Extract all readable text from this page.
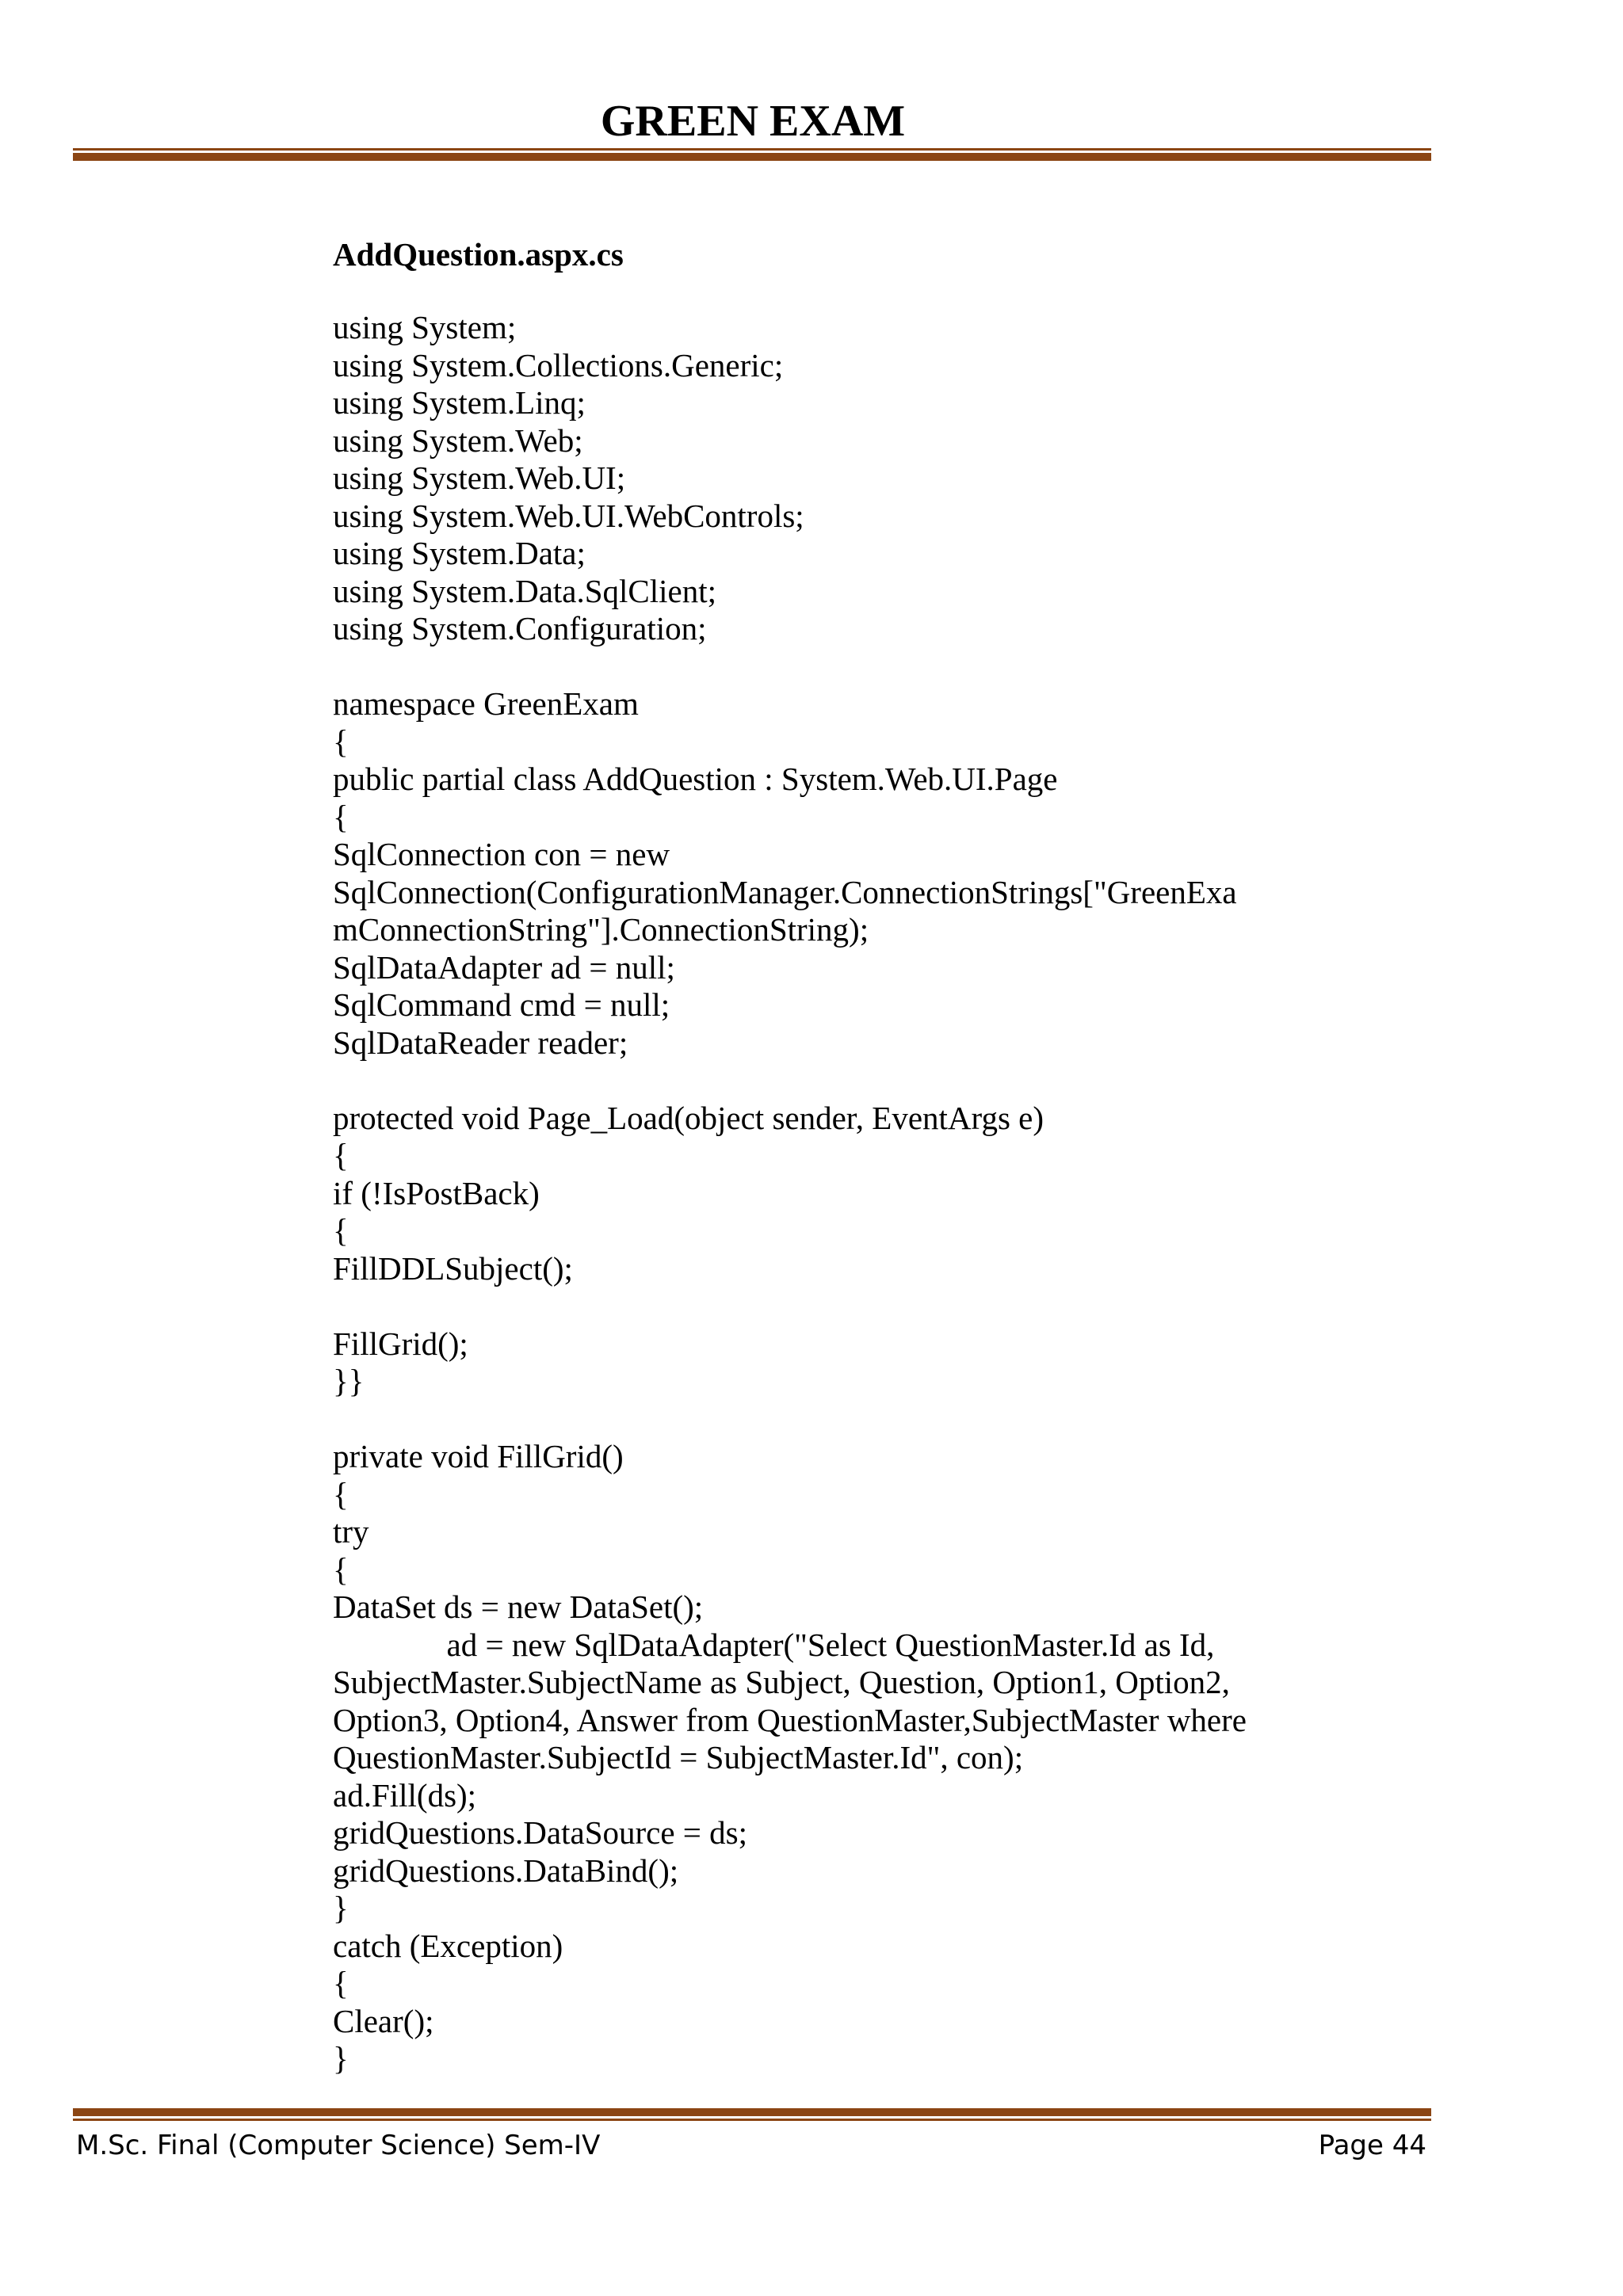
GREEN EXAM
AddQuestion.aspx.cs
using System;
using System.Collections.Generic;
using System.Linq;
using System.Web;
using System.Web.UI;
using System.Web.UI.WebControls;
using System.Data;
using System.Data.SqlClient;
using System.Configuration;
namespace GreenExam
{
public partial class AddQuestion : System.Web.UI.Page
{
SqlConnection con = new
SqlConnection(ConfigurationManager.ConnectionStrings["GreenExa
mConnectionString"].ConnectionString);
SqlDataAdapter ad = null;
SqlCommand cmd = null;
SqlDataReader reader;
protected void Page_Load(object sender, EventArgs e)
{
if (!IsPostBack)
{
FillDDLSubject();
FillGrid();
}}
private void FillGrid()
{
try
{
DataSet ds = new DataSet();
ad = new SqlDataAdapter("Select QuestionMaster.Id as Id,
SubjectMaster.SubjectName as Subject, Question, Option1, Option2,
Option3, Option4, Answer from QuestionMaster,SubjectMaster where
QuestionMaster.SubjectId = SubjectMaster.Id", con);
ad.Fill(ds);
gridQuestions.DataSource = ds;
gridQuestions.DataBind();
}
catch (Exception)
{
Clear();
}
M.Sc. Final (Computer Science) Sem-IV	Page 44
